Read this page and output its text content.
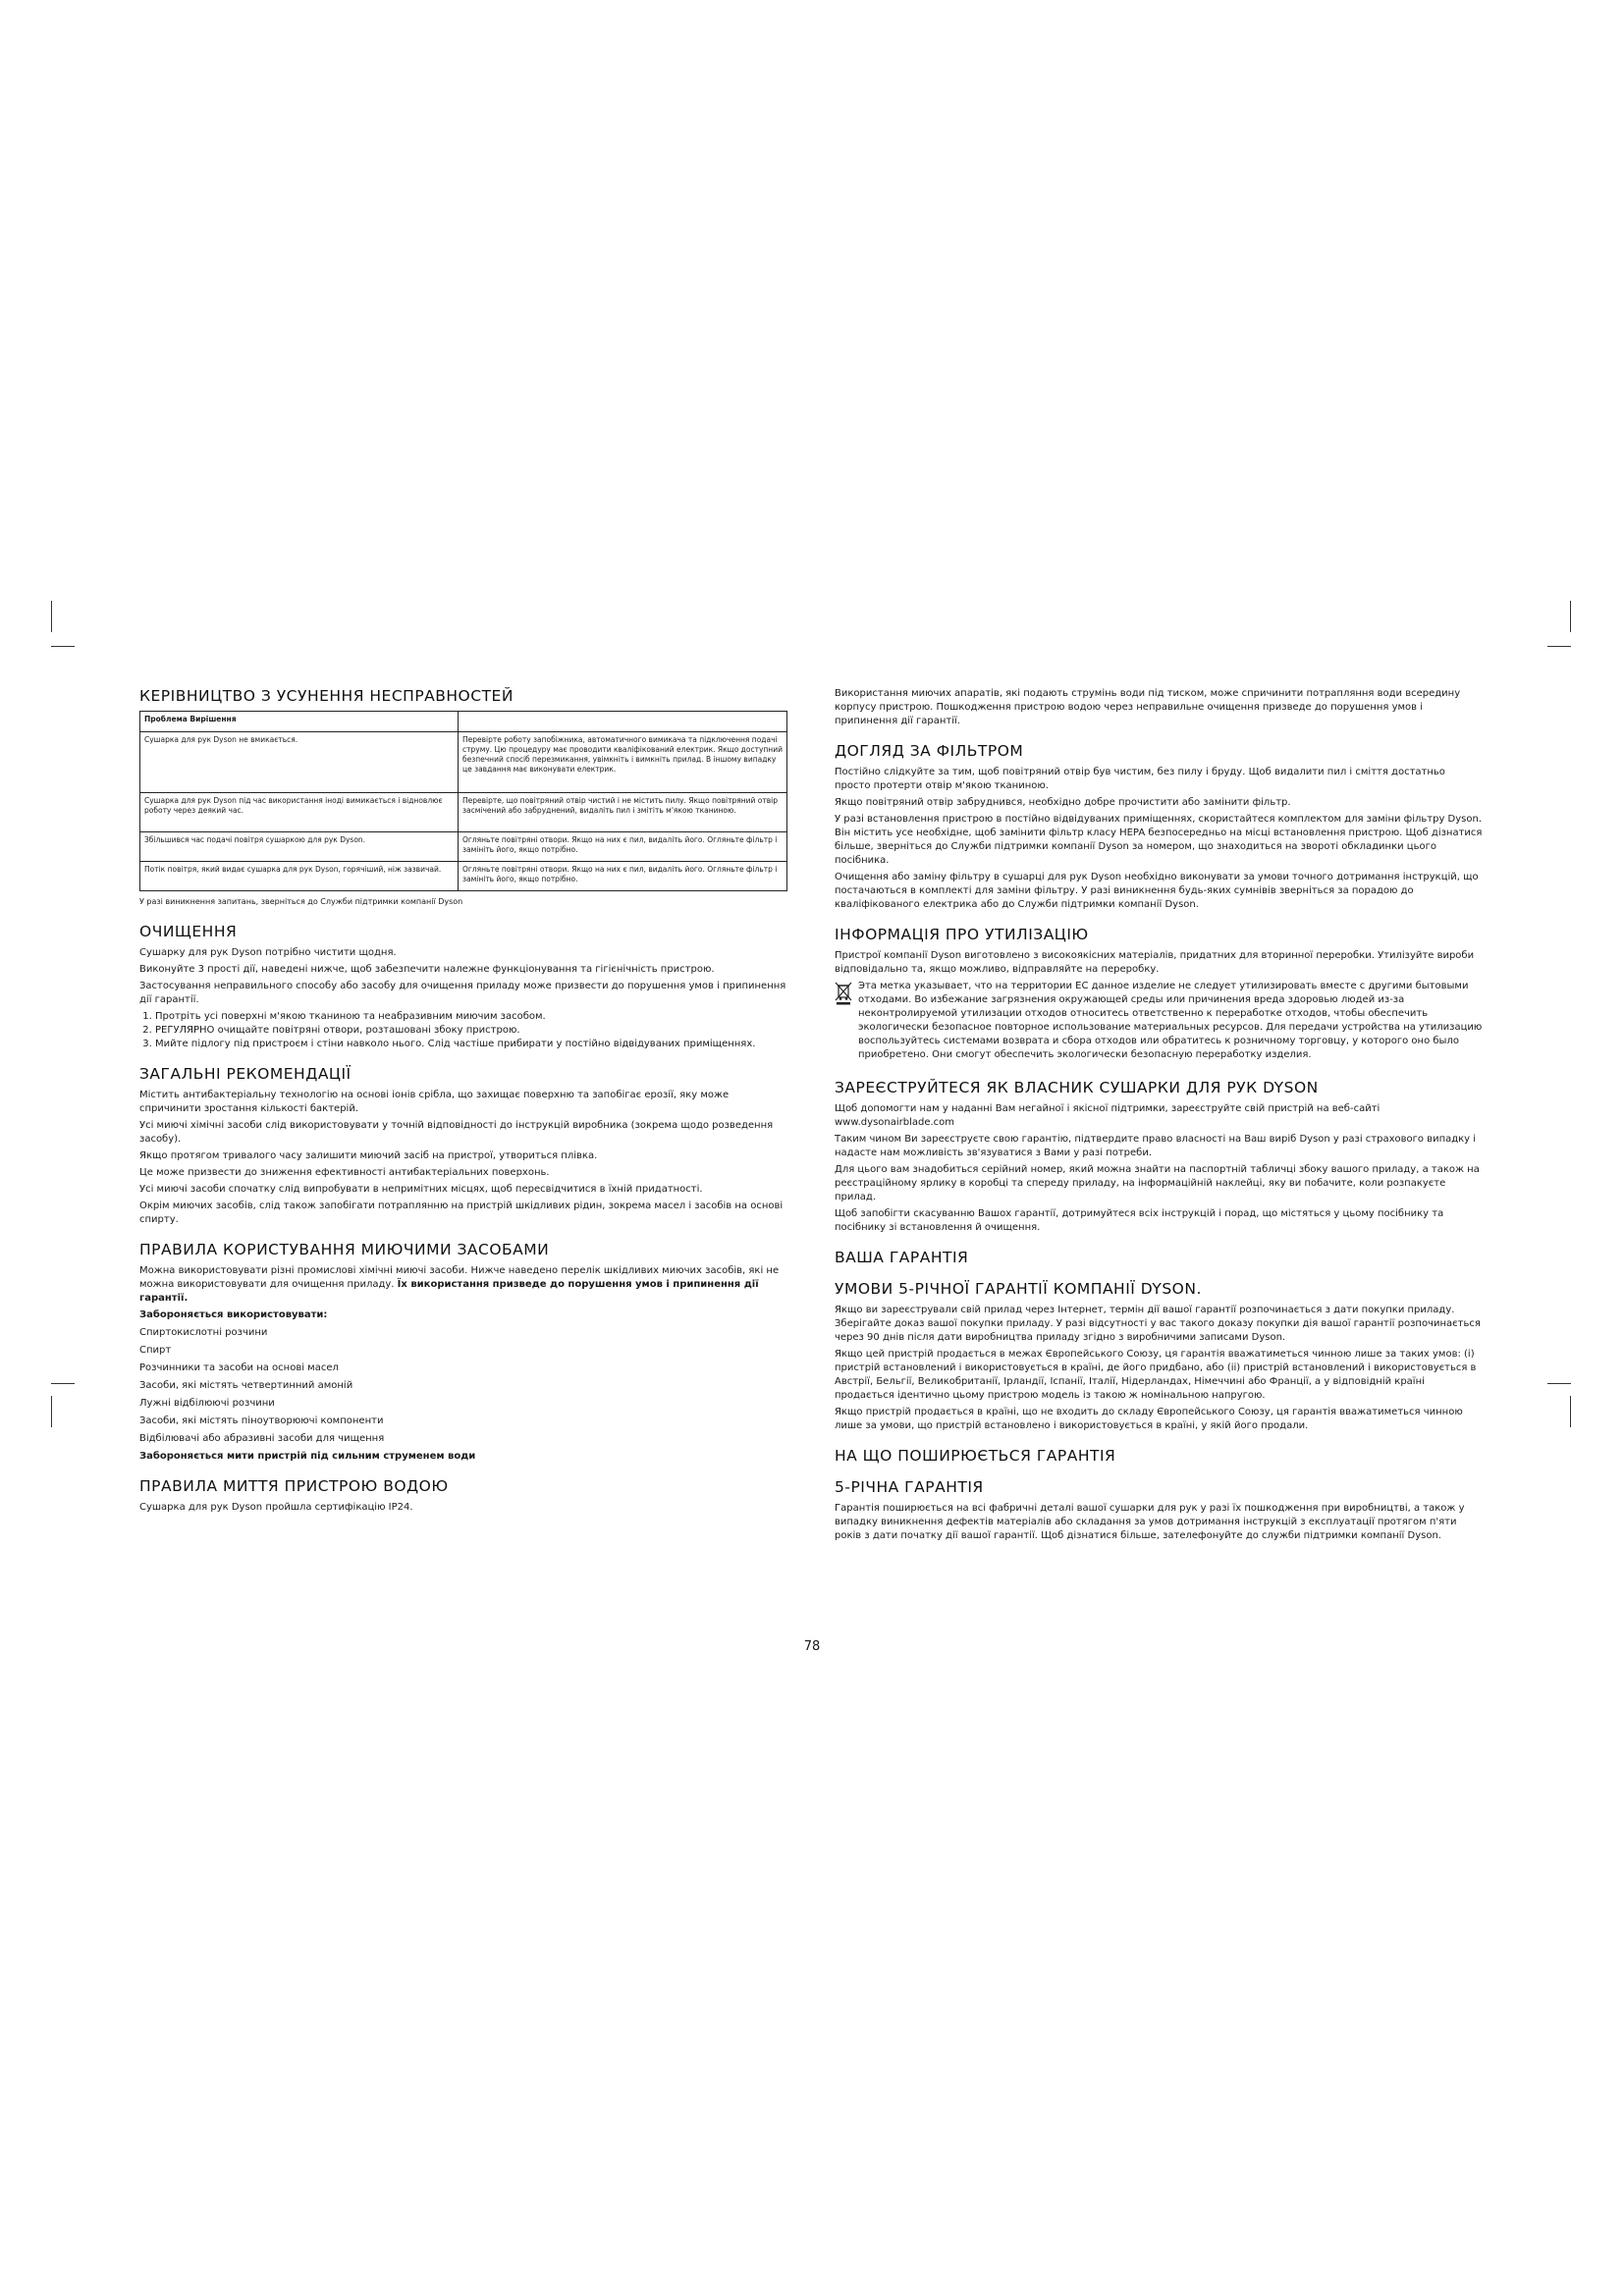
КЕРІВНИЦТВО З УСУНЕННЯ НЕСПРАВНОСТЕЙ
Проблема Вирішення	
Сушарка для рук Dyson не вмикається.	Перевірте роботу запобіжника, автоматичного вимикача та підключення подачі струму. Цю процедуру має проводити кваліфікований електрик. Якщо доступний безпечний спосіб перезмикання, увімкніть і вимкніть прилад. В іншому випадку це завдання має виконувати електрик.
Сушарка для рук Dyson під час використання іноді вимикається і відновлює роботу через деякий час.	Перевірте, що повітряний отвір чистий і не містить пилу. Якщо повітряний отвір засмічений або забруднений, видаліть пил і змітіть м'якою тканиною.
Збільшився час подачі повітря сушаркою для рук Dyson.	Огляньте повітряні отвори. Якщо на них є пил, видаліть його. Огляньте фільтр і замініть його, якщо потрібно.
Потік повітря, який видає сушарка для рук Dyson, горячіший, ніж зазвичай.	Огляньте повітряні отвори. Якщо на них є пил, видаліть його. Огляньте фільтр і замініть його, якщо потрібно.

У разі виникнення запитань, зверніться до Служби підтримки компанії Dyson

ОЧИЩЕННЯ

Сушарку для рук Dyson потрібно чистити щодня.

Виконуйте 3 прості дії, наведені нижче, щоб забезпечити належне функціонування та гігієнічність пристрою.

Застосування неправильного способу або засобу для очищення приладу може призвести до порушення умов і припинення дії гарантії.

1. Протріть усі поверхні м'якою тканиною та неабразивним миючим засобом.
2. РЕГУЛЯРНО очищайте повітряні отвори, розташовані збоку пристрою.
3. Мийте підлогу під пристроєм і стіни навколо нього. Слід частіше прибирати у постійно відвідуваних приміщеннях.
ЗАГАЛЬНІ РЕКОМЕНДАЦІЇ

Містить антибактеріальну технологію на основі іонів срібла, що захищає поверхню та запобігає ерозії, яку може спричинити зростання кількості бактерій.

Усі миючі хімічні засоби слід використовувати у точній відповідності до інструкцій виробника (зокрема щодо розведення засобу).

Якщо протягом тривалого часу залишити миючий засіб на пристрої, утвориться плівка.

Це може призвести до зниження ефективності антибактеріальних поверхонь.

Усі миючі засоби спочатку слід випробувати в непримітних місцях, щоб пересвідчитися в їхній придатності.

Окрім миючих засобів, слід також запобігати потраплянню на пристрій шкідливих рідин, зокрема масел і засобів на основі спирту.

ПРАВИЛА КОРИСТУВАННЯ МИЮЧИМИ ЗАСОБАМИ

Можна використовувати різні промислові хімічні миючі засоби. Нижче наведено перелік шкідливих миючих засобів, які не можна використовувати для очищення приладу. Їх використання призведе до порушення умов і припинення дії гарантії.

Забороняється використовувати:

Спиртокислотні розчини

Спирт

Розчинники та засоби на основі масел

Засоби, які містять четвертинний амоній

Лужні відбілюючі розчини

Засоби, які містять піноутворюючі компоненти

Відбілювачі або абразивні засоби для чищення

Забороняється мити пристрій під сильним струменем води

ПРАВИЛА МИТТЯ ПРИСТРОЮ ВОДОЮ

Сушарка для рук Dyson пройшла сертифікацію IP24.

Використання миючих апаратів, які подають струмінь води під тиском, може спричинити потрапляння води всередину корпусу пристрою. Пошкодження пристрою водою через неправильне очищення призведе до порушення умов і припинення дії гарантії.

ДОГЛЯД ЗА ФІЛЬТРОМ

Постійно слідкуйте за тим, щоб повітряний отвір був чистим, без пилу і бруду. Щоб видалити пил і сміття достатньо просто протерти отвір м'якою тканиною.

Якщо повітряний отвір забруднився, необхідно добре прочистити або замінити фільтр.

У разі встановлення пристрою в постійно відвідуваних приміщеннях, скористайтеся комплектом для заміни фільтру Dyson. Він містить усе необхідне, щоб замінити фільтр класу HEPA безпосередньо на місці встановлення пристрою. Щоб дізнатися більше, зверніться до Служби підтримки компанії Dyson за номером, що знаходиться на звороті обкладинки цього посібника.

Очищення або заміну фільтру в сушарці для рук Dyson необхідно виконувати за умови точного дотримання інструкцій, що постачаються в комплекті для заміни фільтру. У разі виникнення будь-яких сумнівів зверніться за порадою до кваліфікованого електрика або до Служби підтримки компанії Dyson.

ІНФОРМАЦІЯ ПРО УТИЛІЗАЦІЮ

Пристрої компанії Dyson виготовлено з високоякісних матеріалів, придатних для вторинної переробки. Утилізуйте вироби відповідально та, якщо можливо, відправляйте на переробку.

Эта метка указывает, что на территории ЕС данное изделие не следует утилизировать вместе с другими бытовыми отходами. Во избежание загрязнения окружающей среды или причинения вреда здоровью людей из-за неконтролируемой утилизации отходов относитесь ответственно к переработке отходов, чтобы обеспечить экологически безопасное повторное использование материальных ресурсов. Для передачи устройства на утилизацию воспользуйтесь системами возврата и сбора отходов или обратитесь к розничному торговцу, у которого оно было приобретено. Они смогут обеспечить экологически безопасную переработку изделия.

ЗАРЕЄСТРУЙТЕСЯ ЯК ВЛАСНИК СУШАРКИ ДЛЯ РУК DYSON

Щоб допомогти нам у наданні Вам негайної і якісної підтримки, зареєструйте свій пристрій на веб-сайті www.dysonairblade.com

Таким чином Ви зареєструєте свою гарантію, підтвердите право власності на Ваш виріб Dyson у разі страхового випадку і надасте нам можливість зв'язуватися з Вами у разі потреби.

Для цього вам знадобиться серійний номер, який можна знайти на паспортній табличці збоку вашого приладу, а також на реєстраційному ярлику в коробці та спереду приладу, на інформаційній наклейці, яку ви побачите, коли розпакуєте прилад.

Щоб запобігти скасуванню Вашох гарантії, дотримуйтеся всіх інструкцій і порад, що містяться у цьому посібнику та посібнику зі встановлення й очищення.

ВАША ГАРАНТІЯ
УМОВИ 5-РІЧНОЇ ГАРАНТІЇ КОМПАНІЇ DYSON.

Якщо ви зареєстрували свій прилад через Інтернет, термін дії вашої гарантії розпочинається з дати покупки приладу. Зберігайте доказ вашої покупки приладу. У разі відсутності у вас такого доказу покупки дія вашої гарантії розпочинається через 90 днів після дати виробництва приладу згідно з виробничими записами Dyson.

Якщо цей пристрій продається в межах Європейського Союзу, ця гарантія вважатиметься чинною лише за таких умов: (і) пристрій встановлений і використовується в країні, де його придбано, або (іі) пристрій встановлений і використовується в Австрії, Бельгії, Великобританії, Ірландії, Іспанії, Італії, Нідерландах, Німеччині або Франції, а у відповідній країні продається ідентично цьому пристрою модель із такою ж номінальною напругою.

Якщо пристрій продається в країні, що не входить до складу Європейського Союзу, ця гарантія вважатиметься чинною лише за умови, що пристрій встановлено і використовується в країні, у якій його продали.

НА ЩО ПОШИРЮЄТЬСЯ ГАРАНТІЯ
5-РІЧНА ГАРАНТІЯ

Гарантія поширюється на всі фабричні деталі вашої сушарки для рук у разі їх пошкодження при виробництві, а також у випадку виникнення дефектів матеріалів або складання за умов дотримання інструкцій з експлуатації протягом п'яти років з дати початку дії вашої гарантії. Щоб дізнатися більше, зателефонуйте до служби підтримки компанії Dyson.

78
